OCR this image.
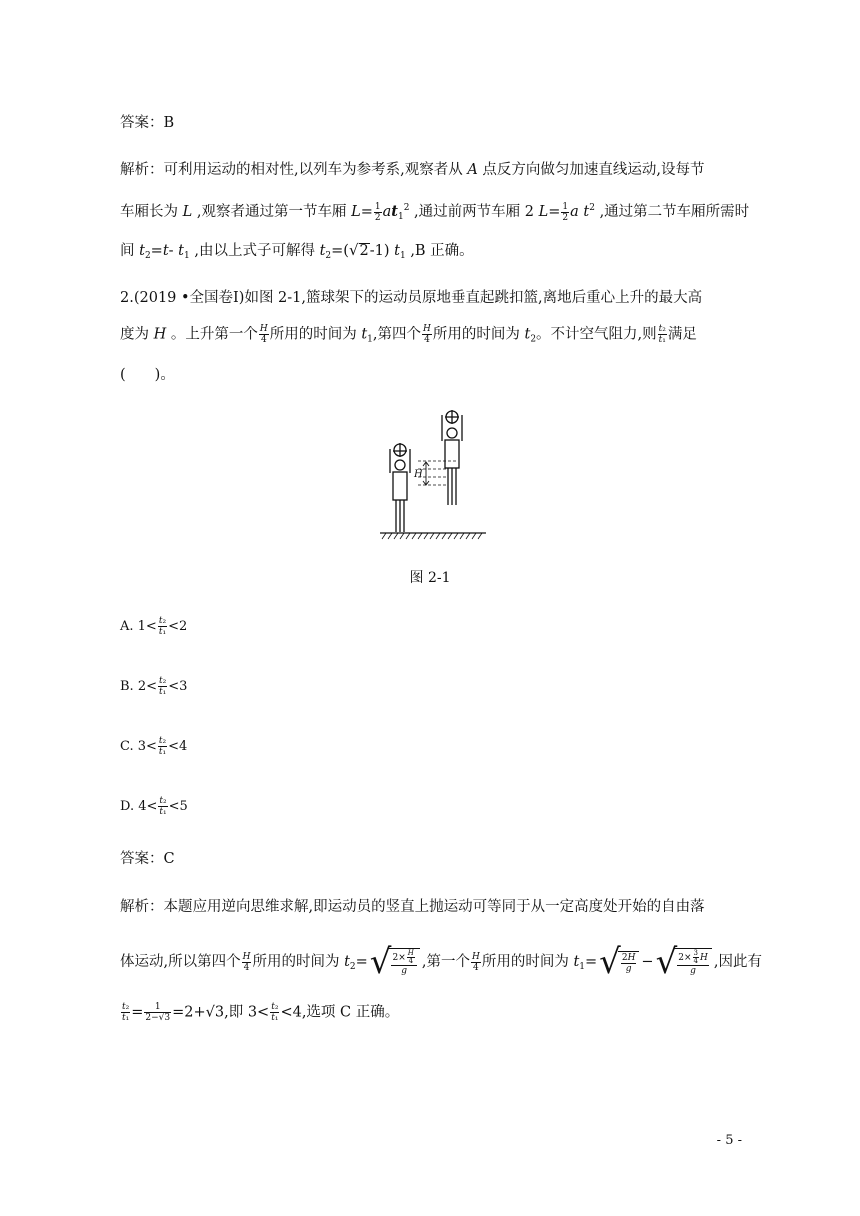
答案：B
解析：可利用运动的相对性,以列车为参考系,观察者从 A 点反方向做匀加速直线运动,设每节
车厢长为 L ,观察者通过第一节车厢 $L= \frac{1}{2} at_1^2$ ,通过前两节车厢 2 $L= \frac{1}{2}$ a $t^2$ ,通过第二节车厢所需时
间 $t_2=t-$ $t_1$ ,由以上式子可解得 $t_2=(√2-1)$ $t_1$ ,B 正确。
2.(2019 •全国卷Ⅰ)如图 2-1,篮球架下的运动员原地垂直起跳扣篮,离地后重心上升的最大高
度为 H 。上升第一个 $\frac{H}{4}$ 所用的时间为 $t_1$,第四个 $\frac{H}{4}$ 所用的时间为 $t_2$。不计空气阻力,则 $\frac{\text{t₂}}{\text{t₁}}$ 满足
(　　)。
H
图 2-1
A. $1< \frac{\text{t₂}}{\text{t₁}} <2$
B. $2< \frac{\text{t₂}}{\text{t₁}} <3$
C. $3< \frac{\text{t₂}}{\text{t₁}} <4$
D. $4< \frac{\text{t₂}}{\text{t₁}} <5$
答案：C
解析：本题应用逆向思维求解,即运动员的竖直上抛运动可等同于从一定高度处开始的自由落
体运动,所以第四个 $\frac{H}{4}$ 所用的时间为 $t_2=√ \frac{2\times \frac{H}{4}}{g}$ ,第一个 $\frac{H}{4}$ 所用的时间为 $t_1=√ \frac{2H}{g}$ −√ $\frac{2\times \frac{3}{4} H}{g}$ ,因此有
$\frac{\text{t₂}}{\text{t₁}} = \frac{1}{2-√3} =2+√3$,即 $3< \frac{\text{t₂}}{\text{t₁}} <4$,选项 C 正确。
- 5 -
